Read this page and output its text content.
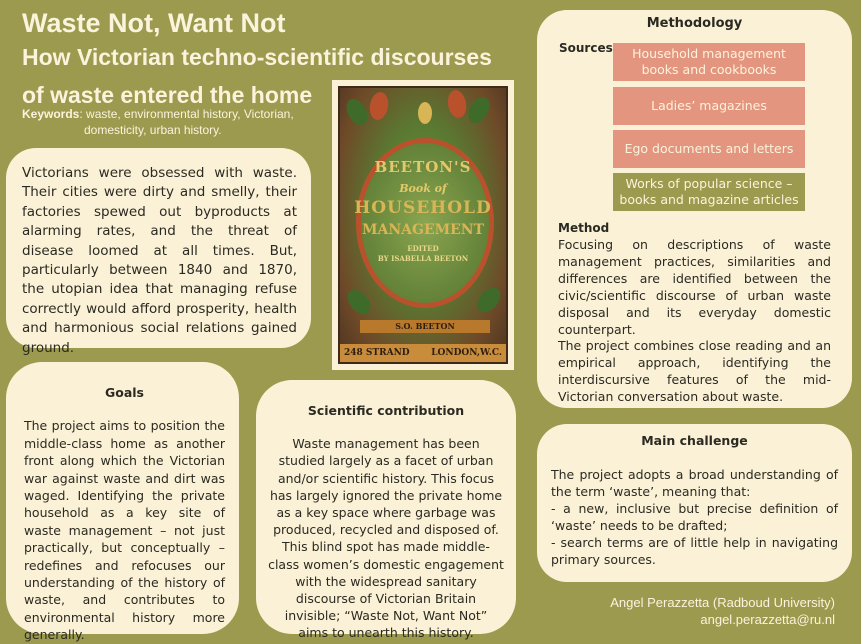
Waste Not, Want Not
How Victorian techno-scientific discourses
of waste entered the home
Keywords: waste, environmental history, Victorian,
domesticity, urban history.

Victorians were obsessed with waste. Their cities were dirty and smelly, their factories spewed out byproducts at alarming rates, and the threat of disease loomed at all times. But, particularly between 1840 and 1870, the utopian idea that managing refuse correctly would afford prosperity, health and harmonious social relations gained ground.

BEETON'S
Book of
HOUSEHOLD
MANAGEMENT
EDITED
BY ISABELLA BEETON
S.O. BEETON
248 STRAND LONDON,W.C.
Goals

The project aims to position the middle-class home as another front along which the Victorian war against waste and dirt was waged. Identifying the private household as a key site of waste management – not just practically, but conceptually – redefines and refocuses our understanding of the history of waste, and contributes to environmental history more generally.

Scientific contribution

Waste management has been studied largely as a facet of urban and/or scientific history. This focus has largely ignored the private home as a key space where garbage was produced, recycled and disposed of. This blind spot has made middle-class women’s domestic engagement with the widespread sanitary discourse of Victorian Britain invisible; “Waste Not, Want Not” aims to unearth this history.

Methodology
Sources	Household management books and cookbooks
Ladies’ magazines
Ego documents and letters
Works of popular science – books and magazine articles
Method

Focusing on descriptions of waste management practices, similarities and differences are identified between the civic/scientific discourse of urban waste disposal and its everyday domestic counterpart.

The project combines close reading and an empirical approach, identifying the interdiscursive features of the mid-Victorian conversation about waste.

Main challenge

The project adopts a broad understanding of the term ‘waste’, meaning that:

- a new, inclusive but precise definition of ‘waste’ needs to be drafted;

- search terms are of little help in navigating primary sources.

Angel Perazzetta (Radboud University)
angel.perazzetta@ru.nl
